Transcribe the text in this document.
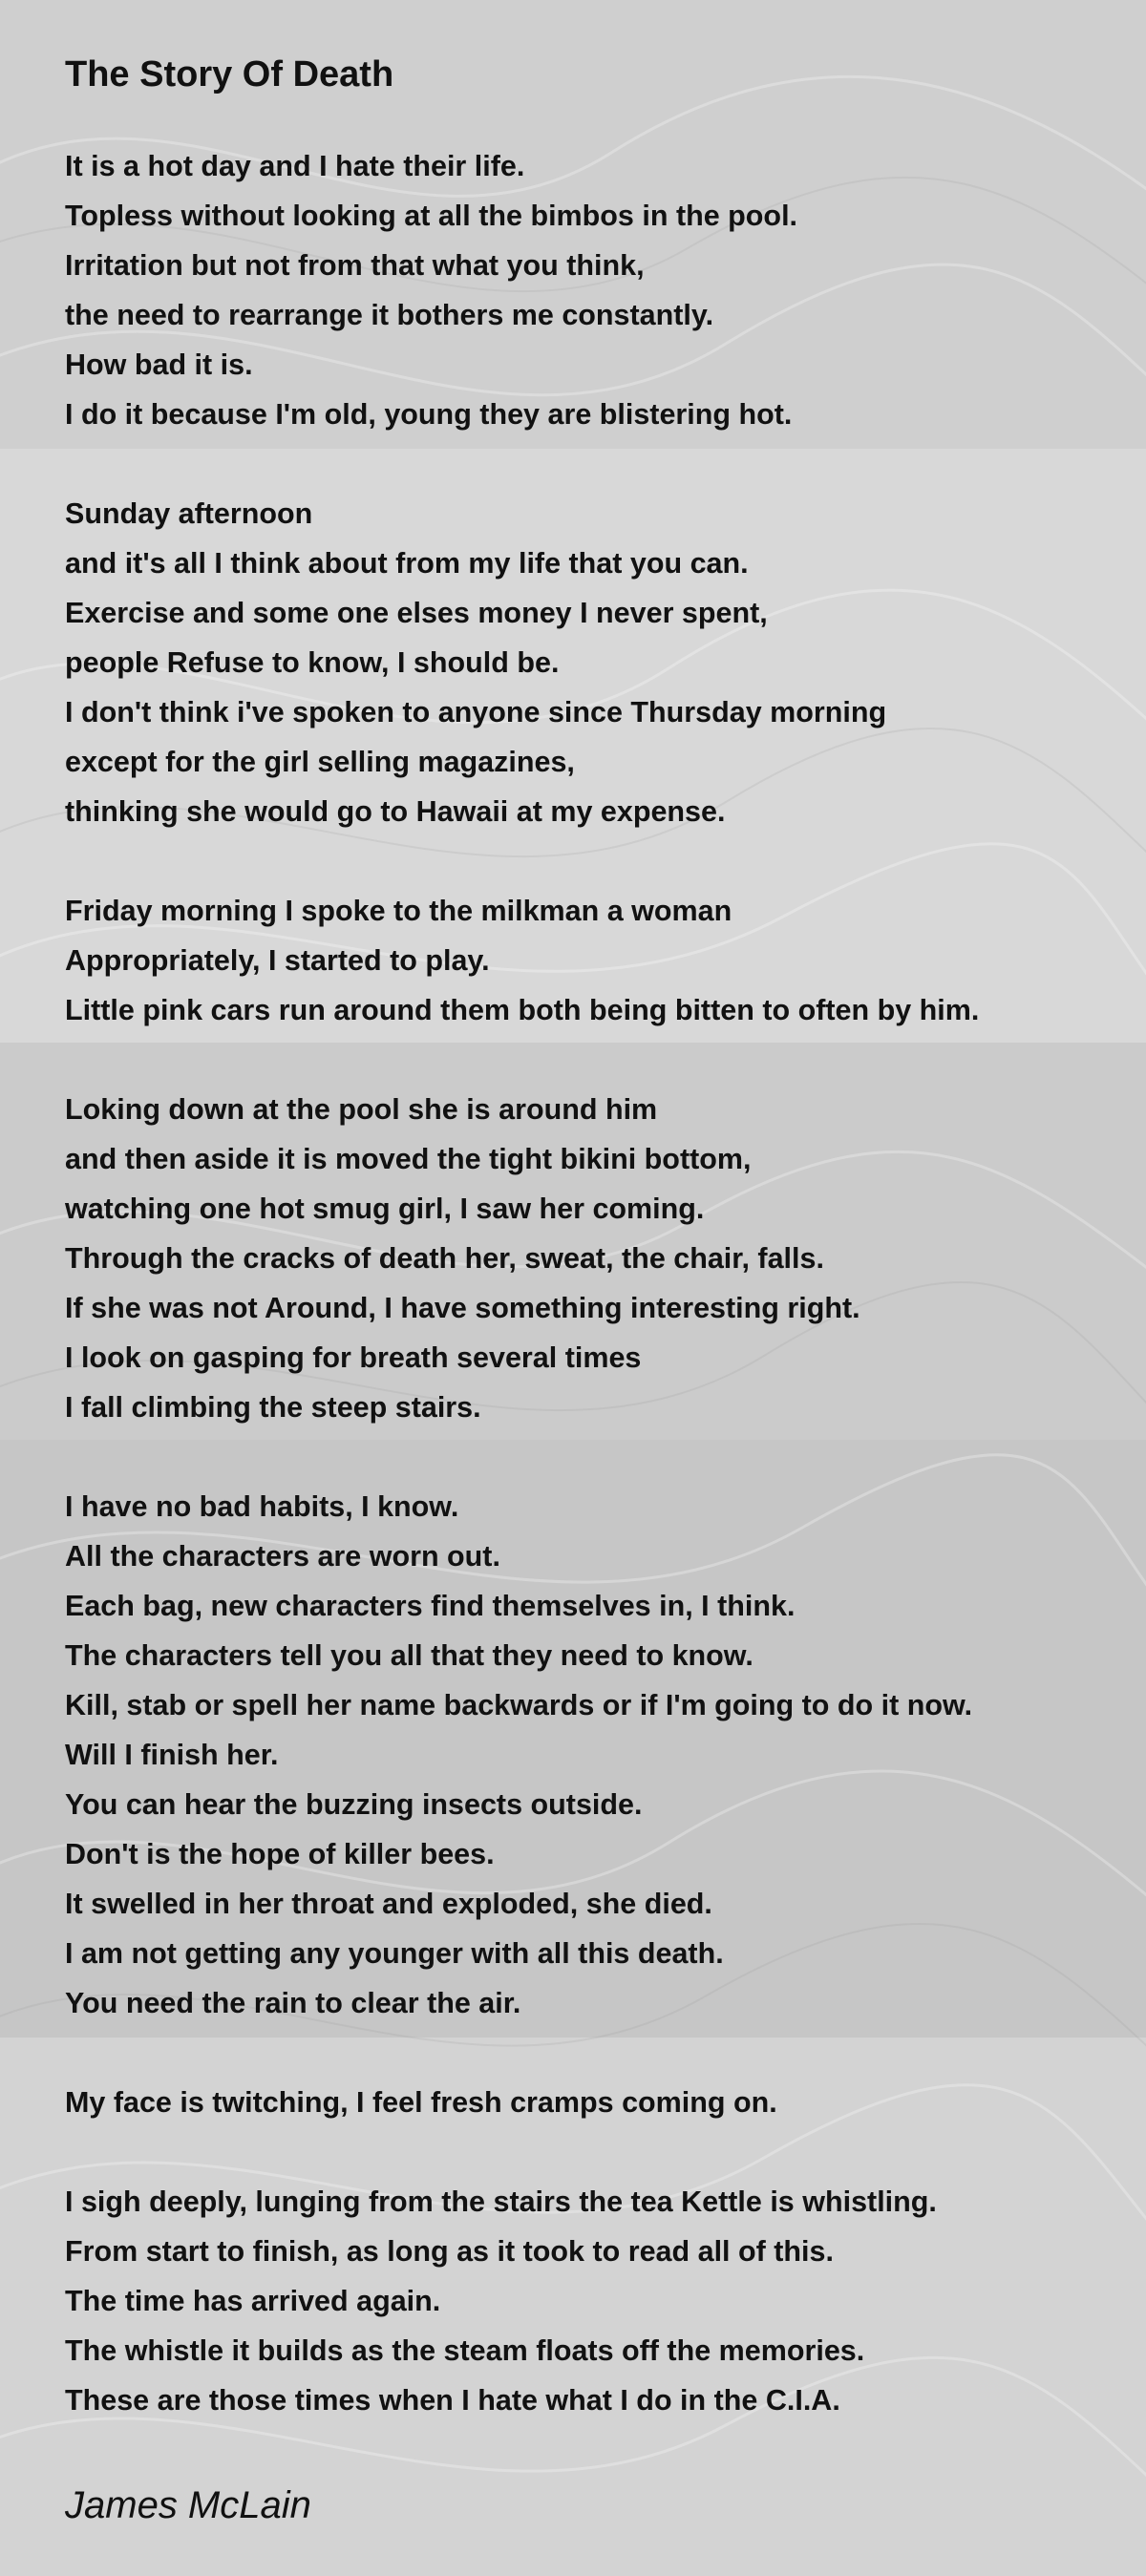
The Story Of Death
It is a hot day and I hate their life.
Topless without looking at all the bimbos in the pool.
Irritation but not from that what you think,
the need to rearrange it bothers me constantly.
How bad it is.
I do it because I'm old, young they are blistering hot.
Sunday afternoon
and it's all I think about from my life that you can.
Exercise and some one elses money I never spent,
people Refuse to know, I should be.
I don't think i've spoken to anyone since Thursday morning
except for the girl selling magazines,
thinking she would go to Hawaii at my expense.
Friday morning I spoke to the milkman a woman
Appropriately, I started to play.
Little pink cars run around them both being bitten to often by him.
Loking down at the pool she is around him
and then aside it is moved the tight bikini bottom,
watching one hot smug girl, I saw her coming.
Through the cracks of death her, sweat, the chair, falls.
If she was not Around, I have something interesting right.
I look on gasping for breath several times
I fall climbing the steep stairs.
I have no bad habits, I know.
All the characters are worn out.
Each bag, new characters find themselves in, I think.
The characters tell you all that they need to know.
Kill, stab or spell her name backwards or if I'm going to do it now.
Will I finish her.
You can hear the buzzing insects outside.
Don't is the hope of killer bees.
It swelled in her throat and exploded, she died.
I am not getting any younger with all this death.
You need the rain to clear the air.
My face is twitching, I feel fresh cramps coming on.
I sigh deeply, lunging from the stairs the tea Kettle is whistling.
From start to finish, as long as it took to read all of this.
The time has arrived again.
The whistle it builds as the steam floats off the memories.
These are those times when I hate what I do in the C.I.A.

James McLain
